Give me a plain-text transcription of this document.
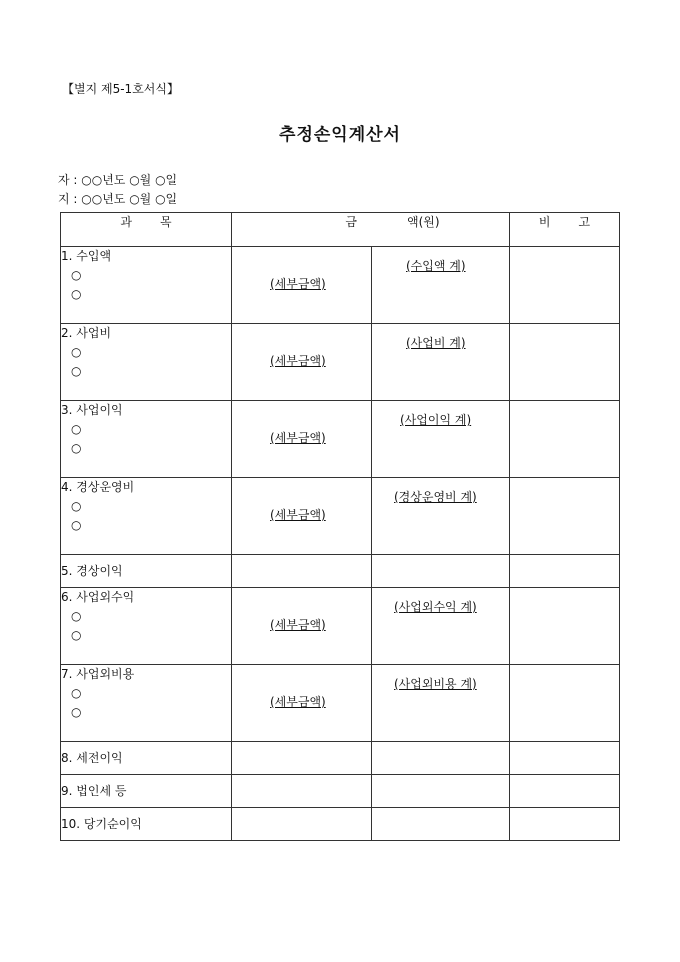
【별지 제5-1호서식】
추정손익계산서
자 : ○○년도 ○월 ○일
지 : ○○년도 ○월 ○일
과 목	금 액(원)		비 고

1. 수입액
○
○	(세부금액)	(수입액 계)	

2. 사업비
○
○	(세부금액)	(사업비 계)	

3. 사업이익
○
○	(세부금액)	(사업이익 계)	

4. 경상운영비
○
○	(세부금액)	(경상운영비 계)	

5. 경상이익			

6. 사업외수익
○
○	(세부금액)	(사업외수익 계)	

7. 사업외비용
○
○	(세부금액)	(사업외비용 계)	

8. 세전이익			

9. 법인세 등			

10. 당기순이익			
